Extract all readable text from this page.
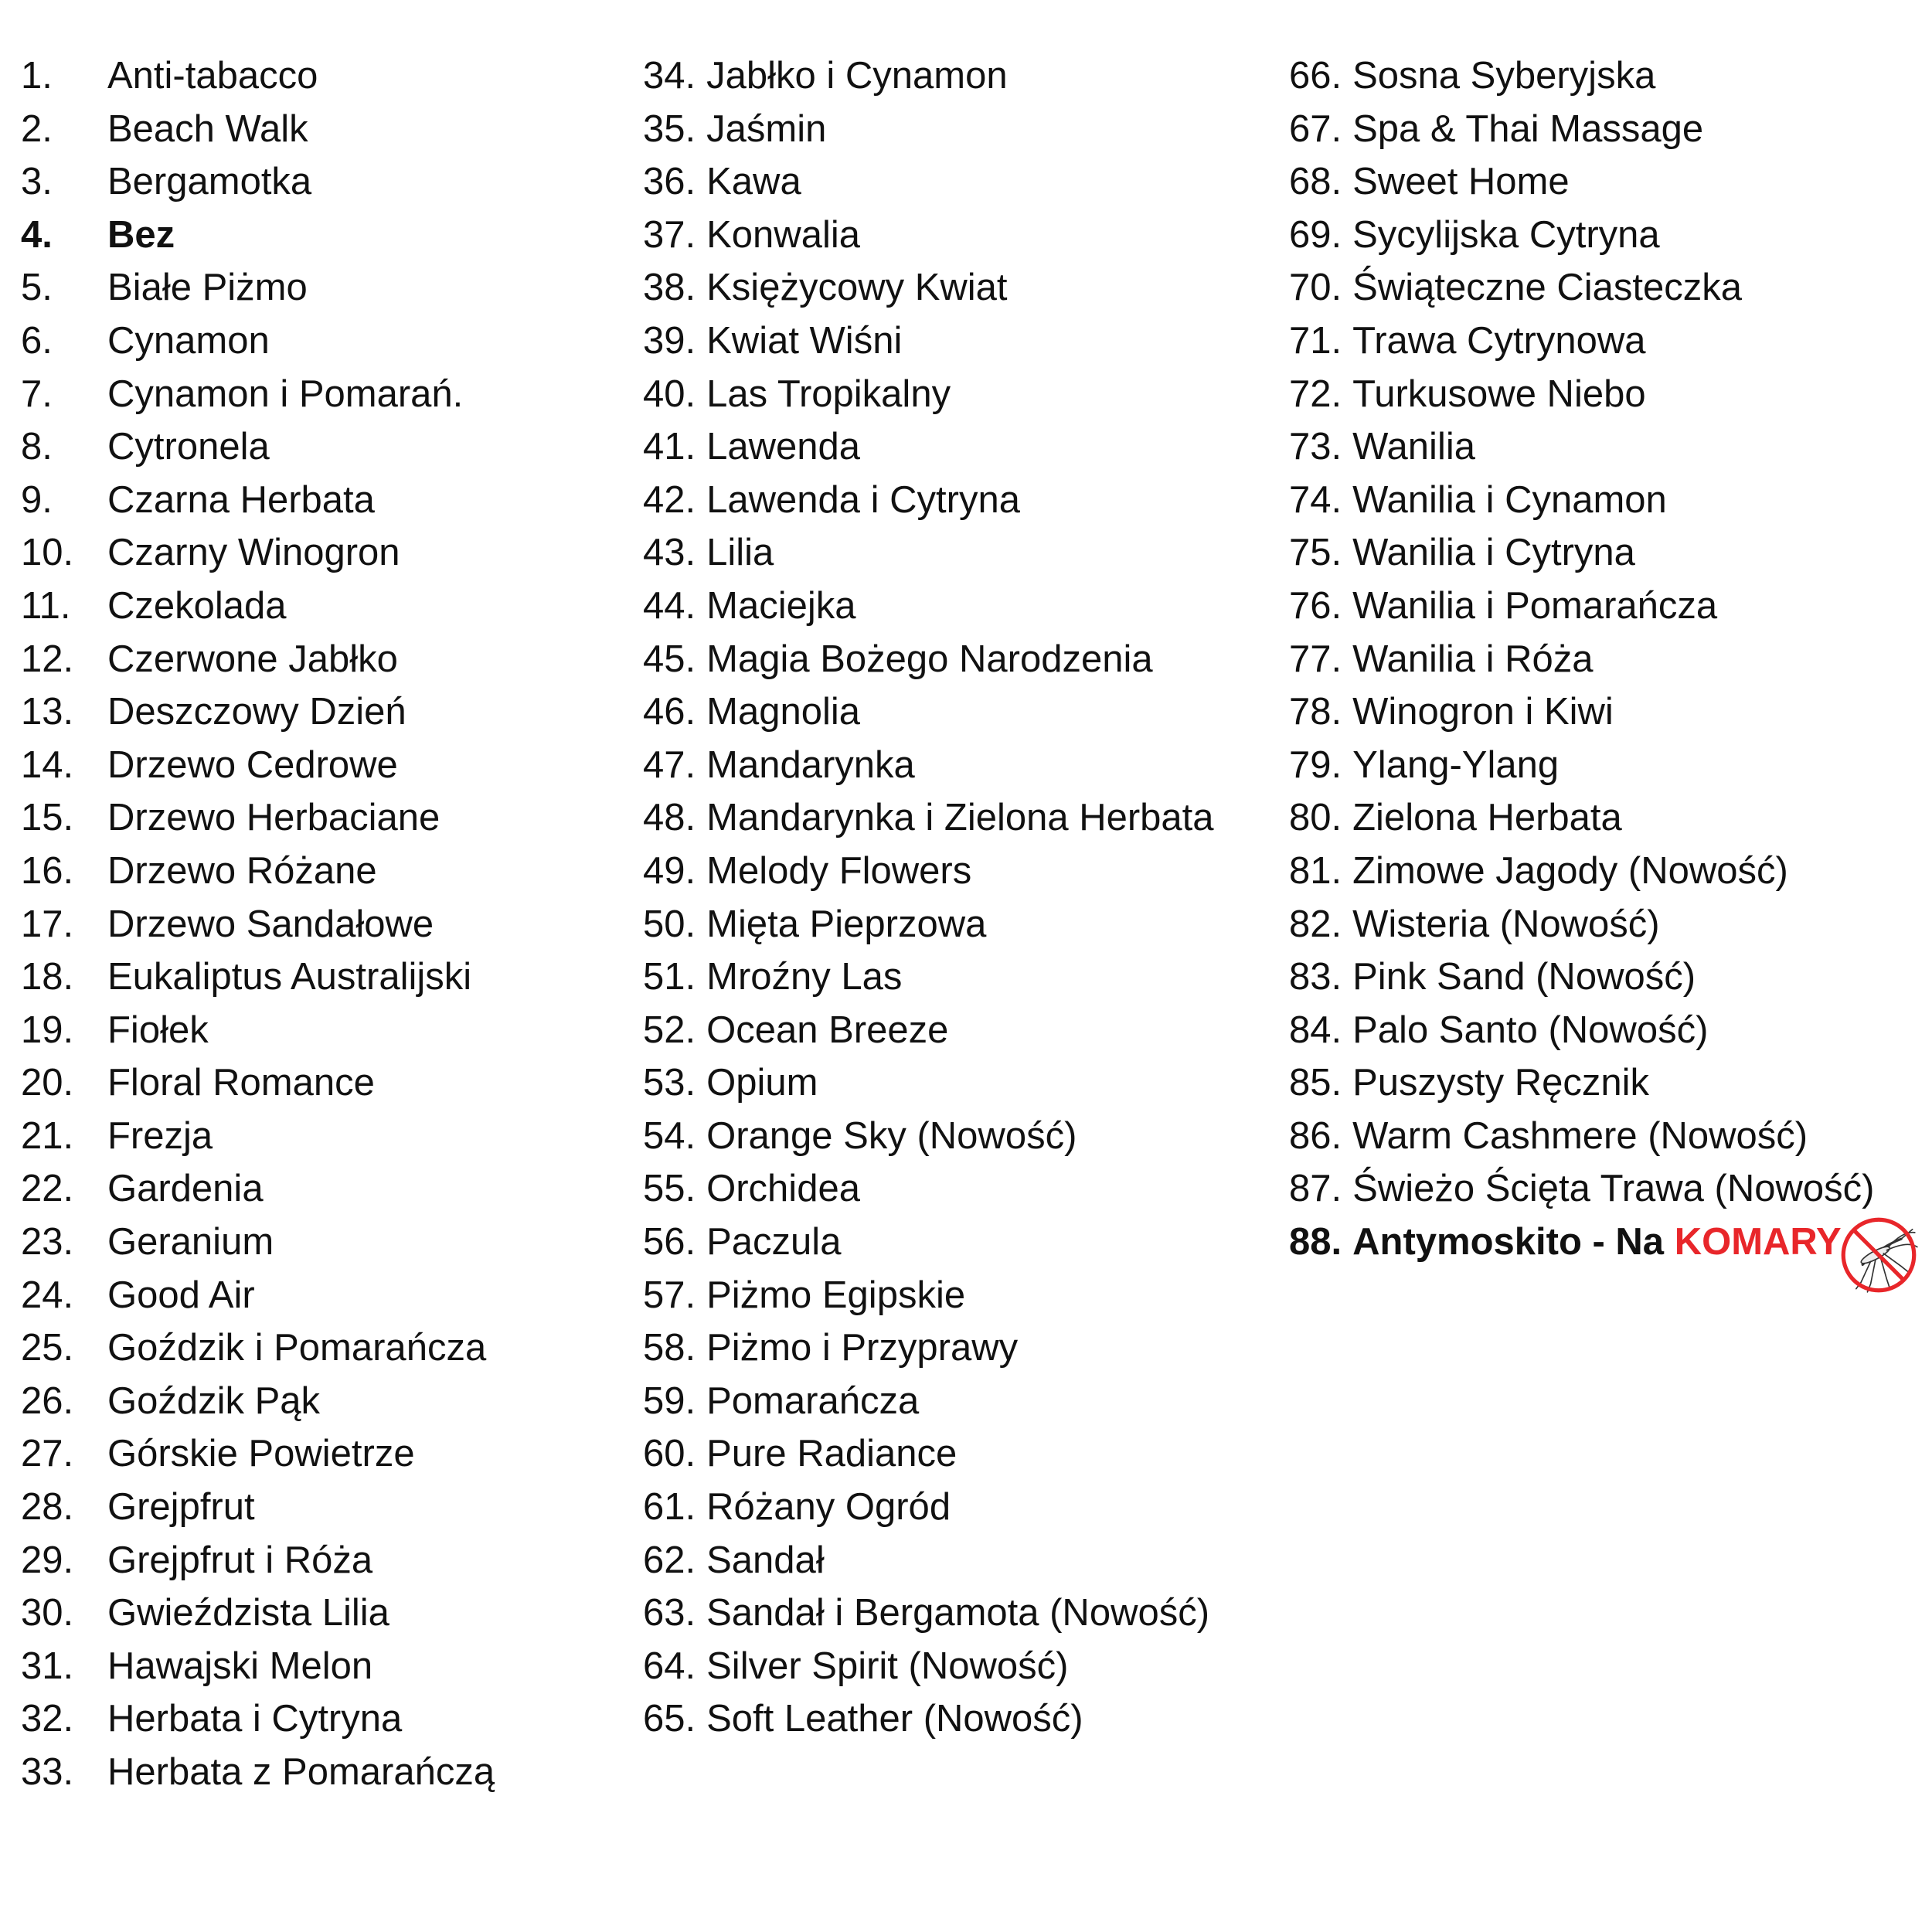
1.	Anti-tabacco
2.	Beach Walk
3.	Bergamotka
4.	Bez
5.	Białe Piżmo
6.	Cynamon
7.	Cynamon i Pomarań.
8.	Cytronela
9.	Czarna Herbata
10. Czarny Winogron
11. Czekolada
12. Czerwone Jabłko
13. Deszczowy Dzień
14. Drzewo Cedrowe
15. Drzewo Herbaciane
16. Drzewo Różane
17. Drzewo Sandałowe
18. Eukaliptus Australijski
19. Fiołek
20. Floral Romance
21. Frezja
22. Gardenia
23. Geranium
24. Good Air
25. Goździk i Pomarańcza
26. Goździk Pąk
27. Górskie Powietrze
28. Grejpfrut
29. Grejpfrut i Róża
30. Gwieździsta Lilia
31. Hawajski Melon
32. Herbata i Cytryna
33. Herbata z Pomarańczą
34. Jabłko i Cynamon
35. Jaśmin
36. Kawa
37. Konwalia
38. Księżycowy Kwiat
39. Kwiat Wiśni
40. Las Tropikalny
41. Lawenda
42. Lawenda i Cytryna
43. Lilia
44. Maciejka
45. Magia Bożego Narodzenia
46. Magnolia
47. Mandarynka
48. Mandarynka i Zielona Herbata
49. Melody Flowers
50. Mięta Pieprzowa
51. Mroźny Las
52. Ocean Breeze
53. Opium
54. Orange Sky (Nowość)
55. Orchidea
56. Paczula
57. Piżmo Egipskie
58. Piżmo i Przyprawy
59. Pomarańcza
60. Pure Radiance
61. Różany Ogród
62. Sandał
63. Sandał i Bergamota (Nowość)
64. Silver Spirit (Nowość)
65. Soft Leather (Nowość)
66. Sosna Syberyjska
67. Spa & Thai Massage
68. Sweet Home
69. Sycylijska Cytryna
70. Świąteczne Ciasteczka
71. Trawa Cytrynowa
72. Turkusowe Niebo
73. Wanilia
74. Wanilia i Cynamon
75. Wanilia i Cytryna
76. Wanilia i Pomarańcza
77. Wanilia i Róża
78. Winogron i Kiwi
79. Ylang-Ylang
80. Zielona Herbata
81. Zimowe Jagody (Nowość)
82. Wisteria (Nowość)
83. Pink Sand (Nowość)
84. Palo Santo (Nowość)
85. Puszysty Ręcznik
86. Warm Cashmere (Nowość)
87. Świeżo Ścięta Trawa (Nowość)
88. Antymoskito - Na KOMARY
